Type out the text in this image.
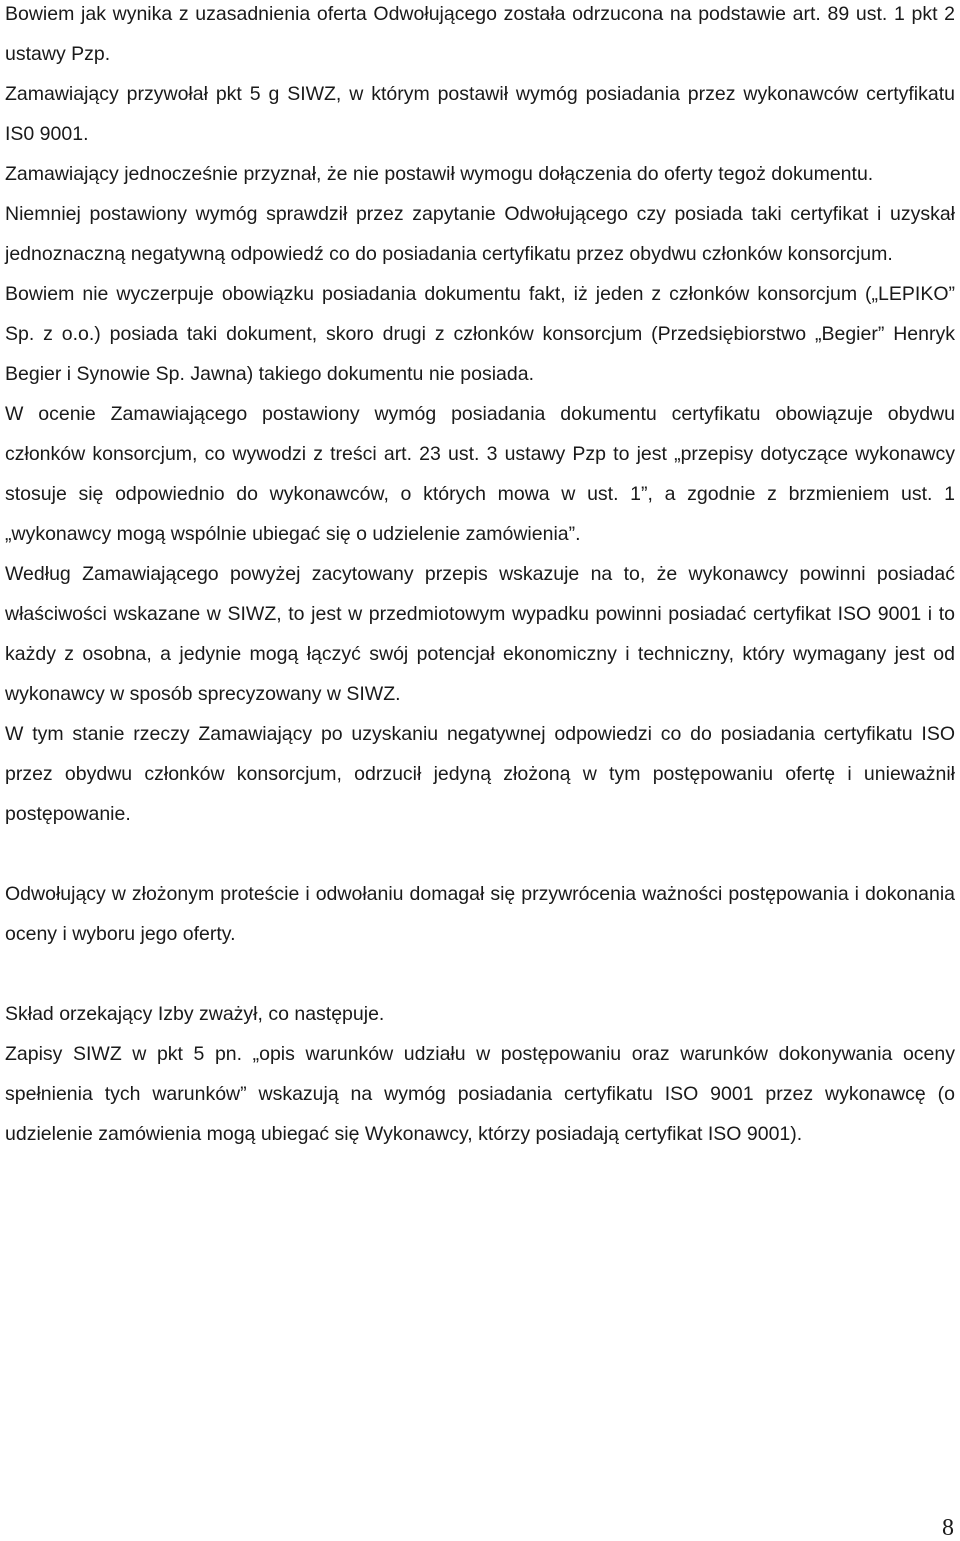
Bowiem jak wynika z uzasadnienia oferta Odwołującego została odrzucona na podstawie art. 89 ust. 1 pkt 2 ustawy Pzp.

Zamawiający przywołał pkt 5 g SIWZ, w którym postawił wymóg posiadania przez wykonawców certyfikatu IS0 9001.

Zamawiający jednocześnie przyznał, że nie postawił wymogu dołączenia do oferty tegoż dokumentu.

Niemniej postawiony wymóg sprawdził przez zapytanie Odwołującego czy posiada taki certyfikat i uzyskał jednoznaczną negatywną odpowiedź co do posiadania certyfikatu przez obydwu członków konsorcjum.

Bowiem nie wyczerpuje obowiązku posiadania dokumentu fakt, iż jeden z członków konsorcjum („LEPIKO” Sp. z o.o.) posiada taki dokument, skoro drugi z członków konsorcjum (Przedsiębiorstwo „Begier” Henryk Begier i Synowie Sp. Jawna) takiego dokumentu nie posiada.

W ocenie Zamawiającego postawiony wymóg posiadania dokumentu certyfikatu obowiązuje obydwu członków konsorcjum, co wywodzi z treści art. 23 ust. 3 ustawy Pzp to jest „przepisy dotyczące wykonawcy stosuje się odpowiednio do wykonawców, o których mowa w ust. 1”, a zgodnie z brzmieniem ust. 1 „wykonawcy mogą wspólnie ubiegać się o udzielenie zamówienia”.

Według Zamawiającego powyżej zacytowany przepis wskazuje na to, że wykonawcy powinni posiadać właściwości wskazane w SIWZ, to jest w przedmiotowym wypadku powinni posiadać certyfikat ISO 9001 i to każdy z osobna, a jedynie mogą łączyć swój potencjał ekonomiczny i techniczny, który wymagany jest od wykonawcy w sposób sprecyzowany w SIWZ.

W tym stanie rzeczy Zamawiający po uzyskaniu negatywnej odpowiedzi co do posiadania certyfikatu ISO przez obydwu członków konsorcjum, odrzucił jedyną złożoną w tym postępowaniu ofertę i unieważnił postępowanie.

Odwołujący w złożonym proteście i odwołaniu domagał się przywrócenia ważności postępowania i dokonania oceny i wyboru jego oferty.

Skład orzekający Izby zważył, co następuje.

Zapisy SIWZ w pkt 5 pn. „opis warunków udziału w postępowaniu oraz warunków dokonywania oceny spełnienia tych warunków” wskazują na wymóg posiadania certyfikatu ISO 9001 przez wykonawcę (o udzielenie zamówienia mogą ubiegać się Wykonawcy, którzy posiadają certyfikat ISO 9001).

8
